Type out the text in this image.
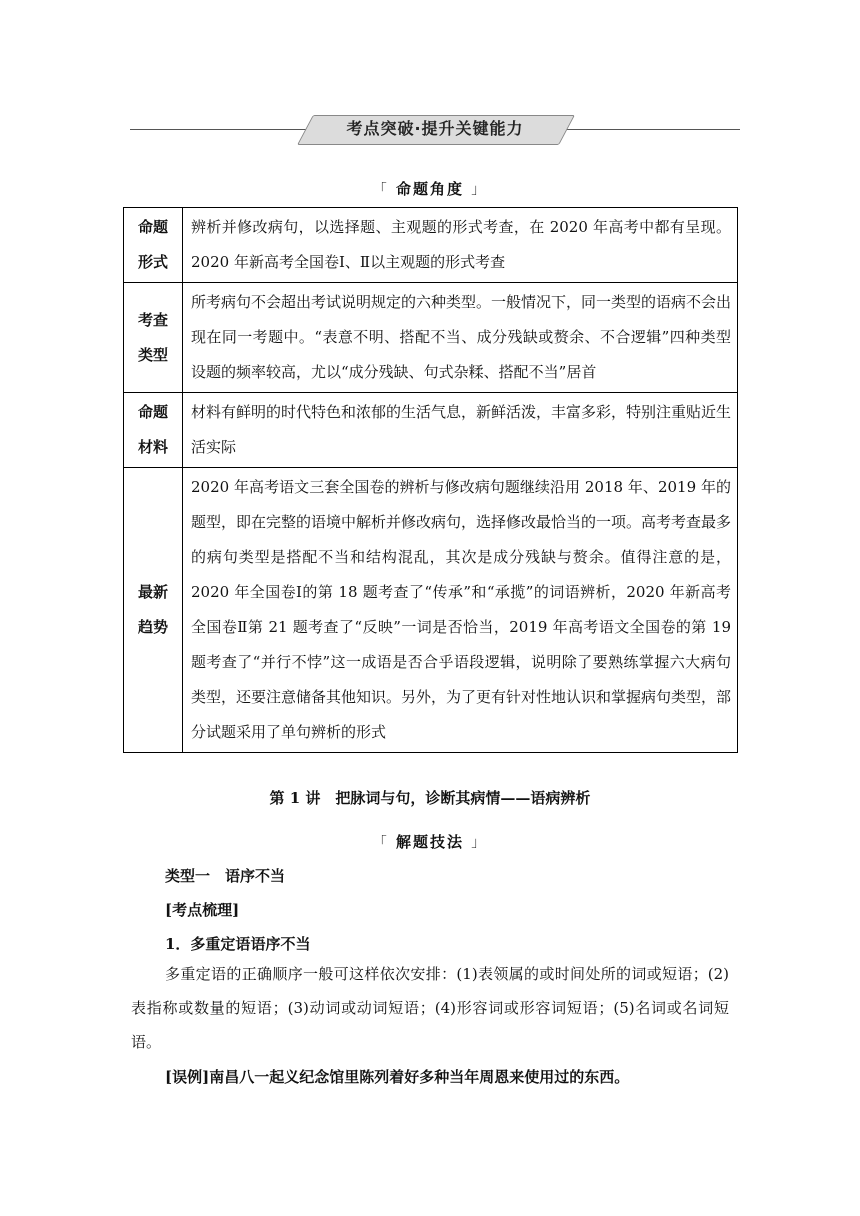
考点突破·提升关键能力
「 命题角度 」
命题
形式	辨析并修改病句，以选择题、主观题的形式考查，在 2020 年高考中都有呈现。2020 年新高考全国卷Ⅰ、Ⅱ以主观题的形式考查

考查
类型	所考病句不会超出考试说明规定的六种类型。一般情况下，同一类型的语病不会出现在同一考题中。“表意不明、搭配不当、成分残缺或赘余、不合逻辑”四种类型设题的频率较高，尤以“成分残缺、句式杂糅、搭配不当”居首

命题
材料	材料有鲜明的时代特色和浓郁的生活气息，新鲜活泼，丰富多彩，特别注重贴近生活实际

最新
趋势	2020 年高考语文三套全国卷的辨析与修改病句题继续沿用 2018 年、2019 年的题型，即在完整的语境中解析并修改病句，选择修改最恰当的一项。高考考查最多的病句类型是搭配不当和结构混乱，其次是成分残缺与赘余。值得注意的是，2020 年全国卷Ⅰ的第 18 题考查了“传承”和“承揽”的词语辨析，2020 年新高考全国卷Ⅱ第 21 题考查了“反映”一词是否恰当，2019 年高考语文全国卷的第 19 题考查了“并行不悖”这一成语是否合乎语段逻辑，说明除了要熟练掌握六大病句类型，还要注意储备其他知识。另外，为了更有针对性地认识和掌握病句类型，部分试题采用了单句辨析的形式
第 1 讲　把脉词与句，诊断其病情——语病辨析
「 解题技法 」
类型一　语序不当
[考点梳理]
1．多重定语语序不当
多重定语的正确顺序一般可这样依次安排：(1)表领属的或时间处所的词或短语；(2)表指称或数量的短语；(3)动词或动词短语；(4)形容词或形容词短语；(5)名词或名词短语。
[误例]南昌八一起义纪念馆里陈列着好多种当年周恩来使用过的东西。
